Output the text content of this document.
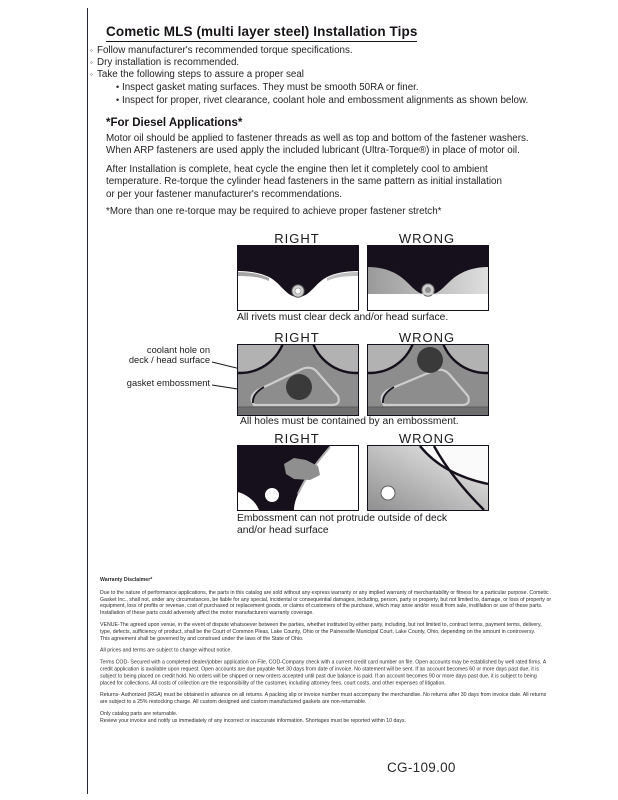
Cometic MLS (multi layer steel) Installation Tips
◦ Follow manufacturer's recommended torque specifications.
◦ Dry installation is recommended.
◦ Take the following steps to assure a proper seal
• Inspect gasket mating surfaces. They must be smooth 50RA or finer.
• Inspect for proper, rivet clearance, coolant hole and embossment alignments as shown below.
*For Diesel Applications*
Motor oil should be applied to fastener threads as well as top and bottom of the fastener washers.
When ARP fasteners are used apply the included lubricant (Ultra-Torque®) in place of motor oil.
After Installation is complete, heat cycle the engine then let it completely cool to ambient
temperature. Re-torque the cylinder head fasteners in the same pattern as initial installation
or per your fastener manufacturer's recommendations.
*More than one re-torque may be required to achieve proper fastener stretch*
RIGHT	WRONG
All rivets must clear deck and/or head surface.
RIGHT	WRONG
coolant hole on
deck / head surface
gasket embossment
All holes must be contained by an embossment.
RIGHT	WRONG
Embossment can not protrude outside of deck
and/or head surface
Warranty Disclaimer*

Due to the nature of performance applications, the parts in this catalog are sold without any express warranty or any implied warranty of merchantability or fitness for a particular purpose. Cometic Gasket Inc., shall not, under any circumstances, be liable for any special, incidental or consequential damages, including, person, party or property, but not limited to, damage, or loss of property or equipment, loss of profits or revenue, cost of purchased or replacement goods, or claims of customers of the purchase, which may arise and/or result from sale, instillation or use of these parts. Installation of these parts could adversely affect the motor manufacturers warranty coverage.

VENUE-The agreed upon venue, in the event of dispute whatsoever between the parties, whether instituted by either party, including, but not limited to, contract terms, payment terms, delivery, type, defects, sufficiency of product, shall be the Court of Common Pleas, Lake County, Ohio or the Painesville Municipal Court, Lake County, Ohio, depending on the amount in controversy.
This agreement shall be governed by and construed under the laws of the State of Ohio.

All prices and terms are subject to change without notice.

Terms COD- Secured with a completed dealer/jobber application on File, COD-Company check with a current credit card number on file. Open accounts may be established by well rated firms. A credit application is available upon request. Open accounts are due payable Net 30 days from date of invoice. No statement will be sent. If an account becomes 60 or more days past due, it is subject to being placed on credit hold. No orders will be shipped or new orders accepted until past due balance is paid. If an account becomes 90 or more days past due, it is subject to being placed for collections. All costs of collection are the responsibility of the customer, including attorney fees, court costs, and other expenses of litigation.

Returns- Authorized (RGA) must be obtained in advance on all returns. A packing slip or invoice number must accompany the merchandise. No returns after 30 days from invoice date. All returns are subject to a 25% restocking charge. All custom designed and custom manufactured gaskets are non-returnable.

Only catalog parts are returnable.
Review your invoice and notify us immediately of any incorrect or inaccurate information. Shortages must be reported within 10 days.

CG-109.00
